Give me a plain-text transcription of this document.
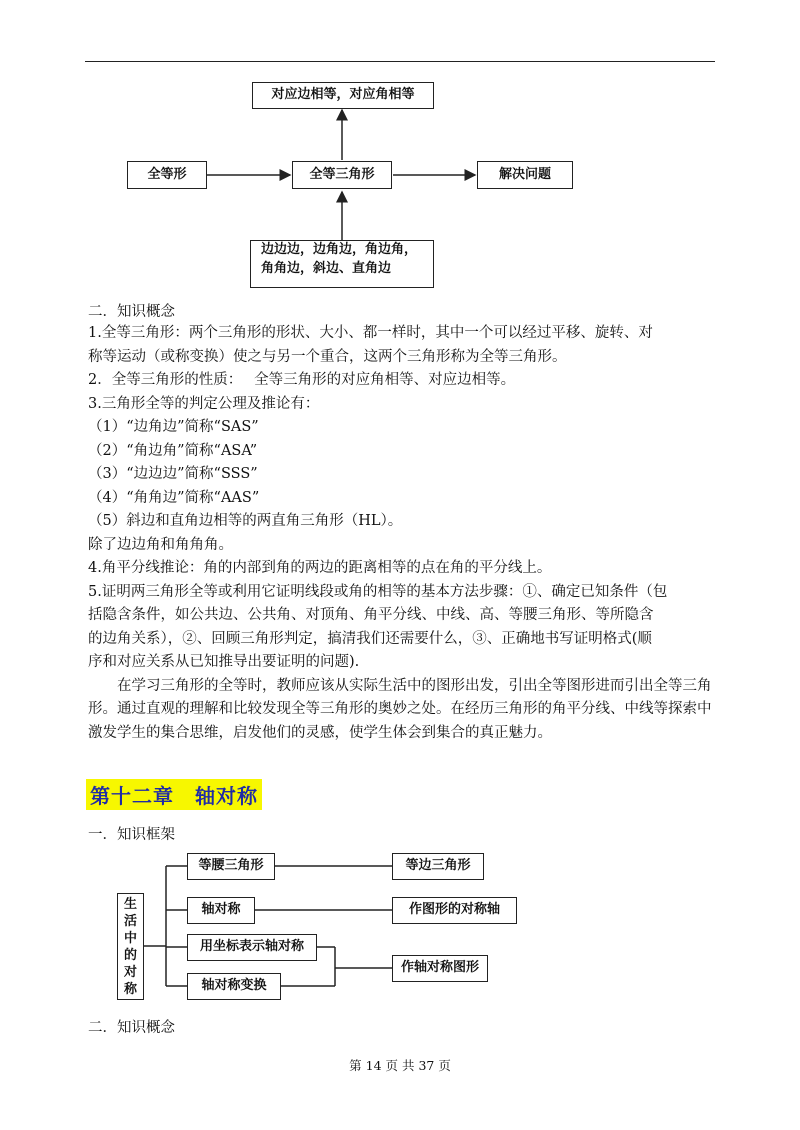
对应边相等，对应角相等
全等形	全等三角形	解决问题
边边边，边角边，角边角，
角角边，斜边、直角边
二．知识概念

1.全等三角形：两个三角形的形状、大小、都一样时，其中一个可以经过平移、旋转、对

称等运动（或称变换）使之与另一个重合，这两个三角形称为全等三角形。

2．全等三角形的性质：　 全等三角形的对应角相等、对应边相等。

3.三角形全等的判定公理及推论有：

（1）“边角边”简称“SAS”

（2）“角边角”简称“ASA”

（3）“边边边”简称“SSS”

（4）“角角边”简称“AAS”

（5）斜边和直角边相等的两直角三角形（HL）。

除了边边角和角角角。

4.角平分线推论：角的内部到角的两边的距离相等的点在角的平分线上。

5.证明两三角形全等或利用它证明线段或角的相等的基本方法步骤：①、确定已知条件（包

括隐含条件，如公共边、公共角、对顶角、角平分线、中线、高、等腰三角形、等所隐含

的边角关系），②、回顾三角形判定，搞清我们还需要什么，③、正确地书写证明格式(顺

序和对应关系从已知推导出要证明的问题).

在学习三角形的全等时，教师应该从实际生活中的图形出发，引出全等图形进而引出全等三角形。通过直观的理解和比较发现全等三角形的奥妙之处。在经历三角形的角平分线、中线等探索中激发学生的集合思维，启发他们的灵感，使学生体会到集合的真正魅力。

第十二章　轴对称
一．知识框架
生
活
中
的
对
称
等腰三角形
轴对称
用坐标表示轴对称
轴对称变换
等边三角形
作图形的对称轴
作轴对称图形
二．知识概念
第 14 页 共 37 页
